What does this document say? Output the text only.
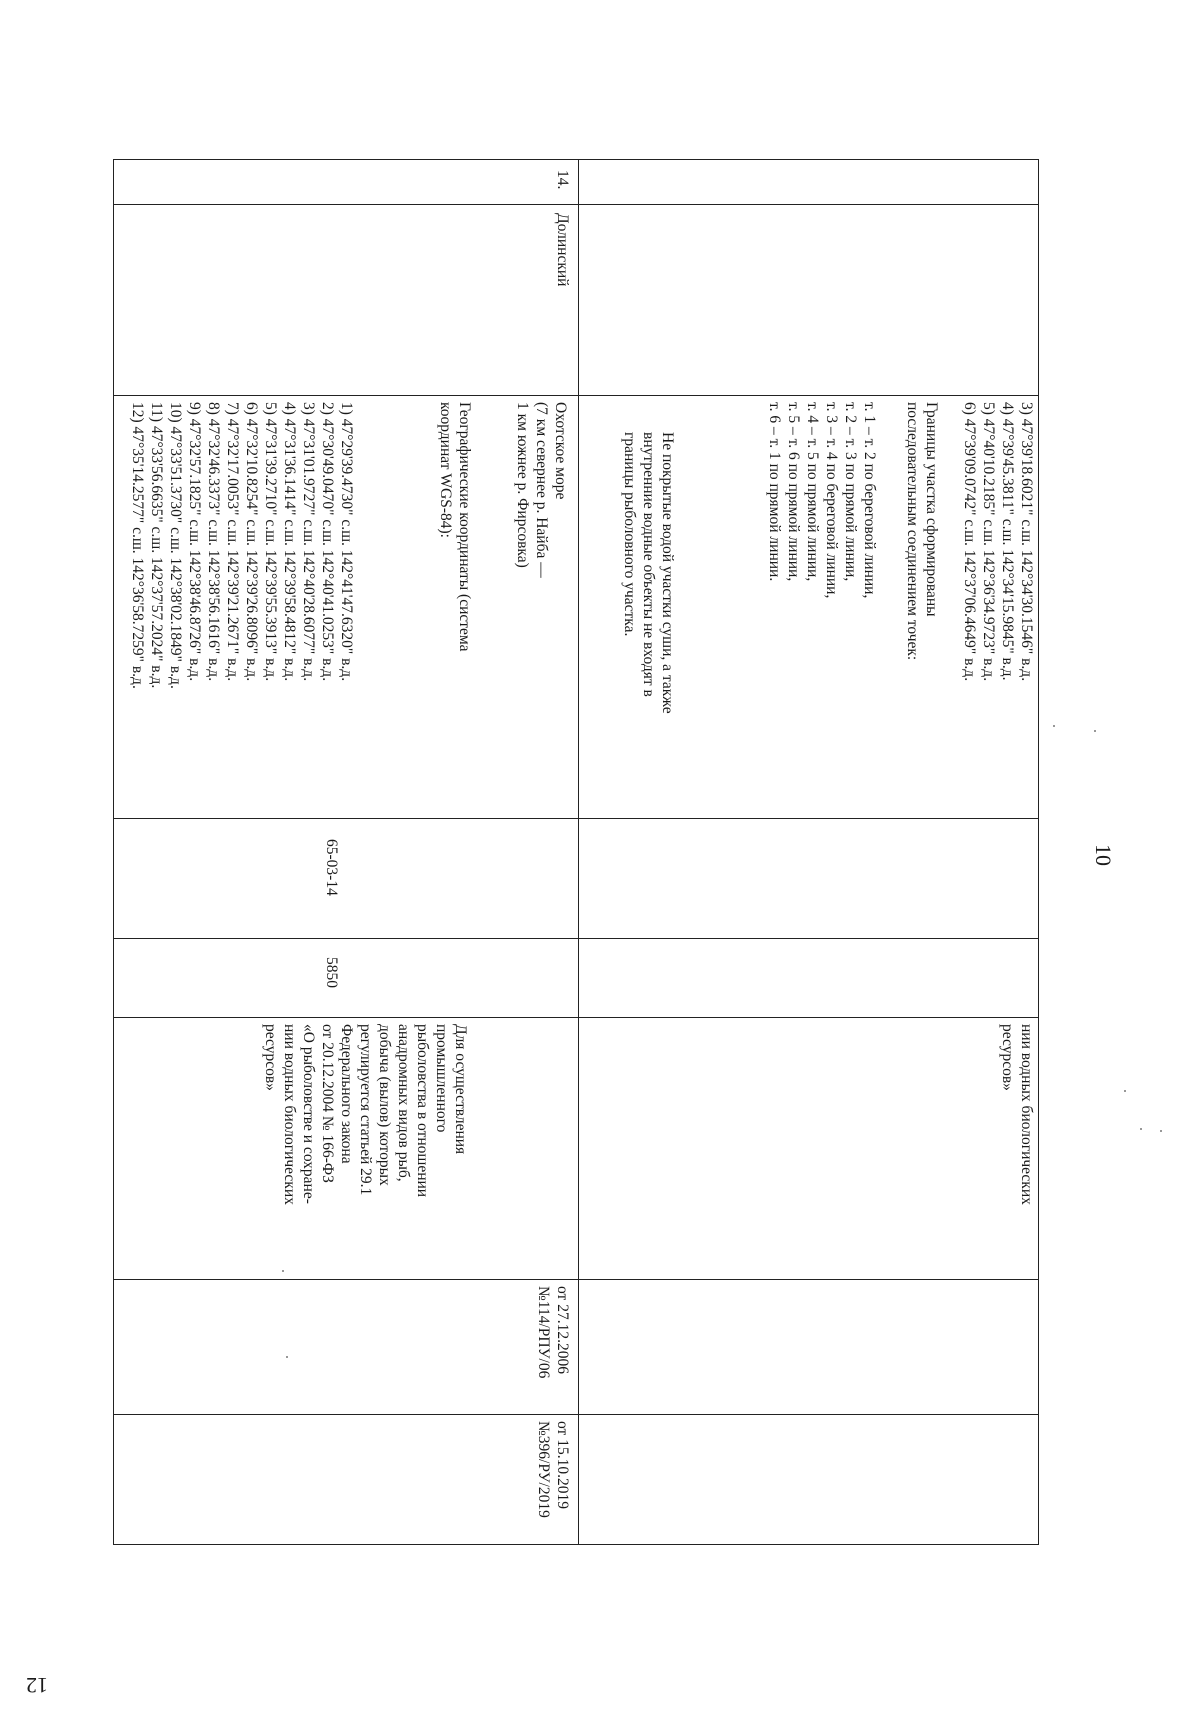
10
12
3) 47°39'18.6021" с.ш. 142°34'30.1546" в.д.
4) 47°39'45.3811" с.ш. 142°34'15.9845" в.д.
5) 47°40'10.2185" с.ш. 142°36'34.9723" в.д.
6) 47°39'09.0742" с.ш. 142°37'06.4649" в.д.
Границы участка сформированы
последовательным соединением точек:
т. 1 – т. 2 по береговой линии,
т. 2 – т. 3 по прямой линии,
т. 3 – т. 4 по береговой линии,
т. 4 – т. 5 по прямой линии,
т. 5 – т. 6 по прямой линии,
т. 6 – т. 1 по прямой линии.
Не покрытые водой участки суши, а также
внутренние водные объекты не входят в
границы рыболовного участка.
нии водных биологических
ресурсов»
14.
Долинский
Охотское море
(7 км севернее р. Найба —
1 км южнее р. Фирсовка)
Географические координаты (система
координат WGS-84):
1) 47°29'39.4730" с.ш. 142°41'47.6320" в.д.
2) 47°30'49.0470" с.ш. 142°40'41.0253" в.д.
3) 47°31'01.9727" с.ш. 142°40'28.6077" в.д.
4) 47°31'36.1414" с.ш. 142°39'58.4812" в.д.
5) 47°31'39.2710" с.ш. 142°39'55.3913" в.д.
6) 47°32'10.8254" с.ш. 142°39'26.8096" в.д.
7) 47°32'17.0053" с.ш. 142°39'21.2671" в.д.
8) 47°32'46.3373" с.ш. 142°38'56.1616" в.д.
9) 47°32'57.1825" с.ш. 142°38'46.8726" в.д.
10) 47°33'51.3730" с.ш. 142°38'02.1849" в.д.
11) 47°33'56.6635" с.ш. 142°37'57.2024" в.д.
12) 47°35'14.2577" с.ш. 142°36'58.7259" в.д.
65-03-14
5850
Для осуществления
промышленного
рыболовства в отношении
анадромных видов рыб,
добыча (вылов) которых
регулируется статьей 29.1
Федерального закона
от 20.12.2004 № 166-ФЗ
«О рыболовстве и сохране-
нии водных биологических
ресурсов»
от 27.12.2006
№114/РПУ/06
от 15.10.2019
№396/РУ/2019
